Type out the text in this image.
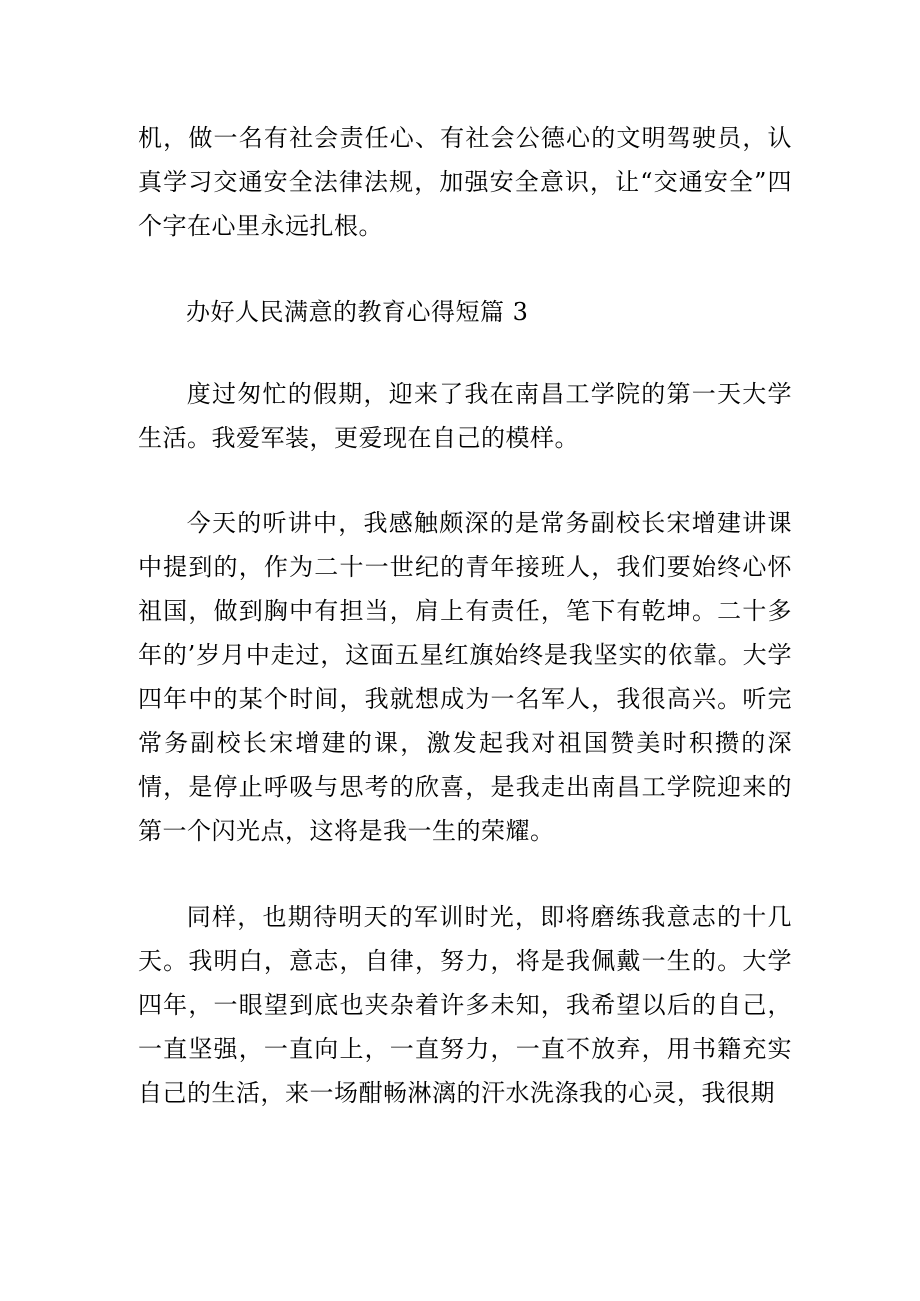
机，做一名有社会责任心、有社会公德心的文明驾驶员，认真学习交通安全法律法规，加强安全意识，让“交通安全”四个字在心里永远扎根。

办好人民满意的教育心得短篇 3

度过匆忙的假期，迎来了我在南昌工学院的第一天大学生活。我爱军装，更爱现在自己的模样。

今天的听讲中，我感触颇深的是常务副校长宋增建讲课中提到的，作为二十一世纪的青年接班人，我们要始终心怀祖国，做到胸中有担当，肩上有责任，笔下有乾坤。二十多年的’岁月中走过，这面五星红旗始终是我坚实的依靠。大学四年中的某个时间，我就想成为一名军人，我很高兴。听完常务副校长宋增建的课，激发起我对祖国赞美时积攒的深情，是停止呼吸与思考的欣喜，是我走出南昌工学院迎来的第一个闪光点，这将是我一生的荣耀。

同样，也期待明天的军训时光，即将磨练我意志的十几天。我明白，意志，自律，努力，将是我佩戴一生的。大学四年，一眼望到底也夹杂着许多未知，我希望以后的自己，一直坚强，一直向上，一直努力，一直不放弃，用书籍充实自己的生活，来一场酣畅淋漓的汗水洗涤我的心灵，我很期
